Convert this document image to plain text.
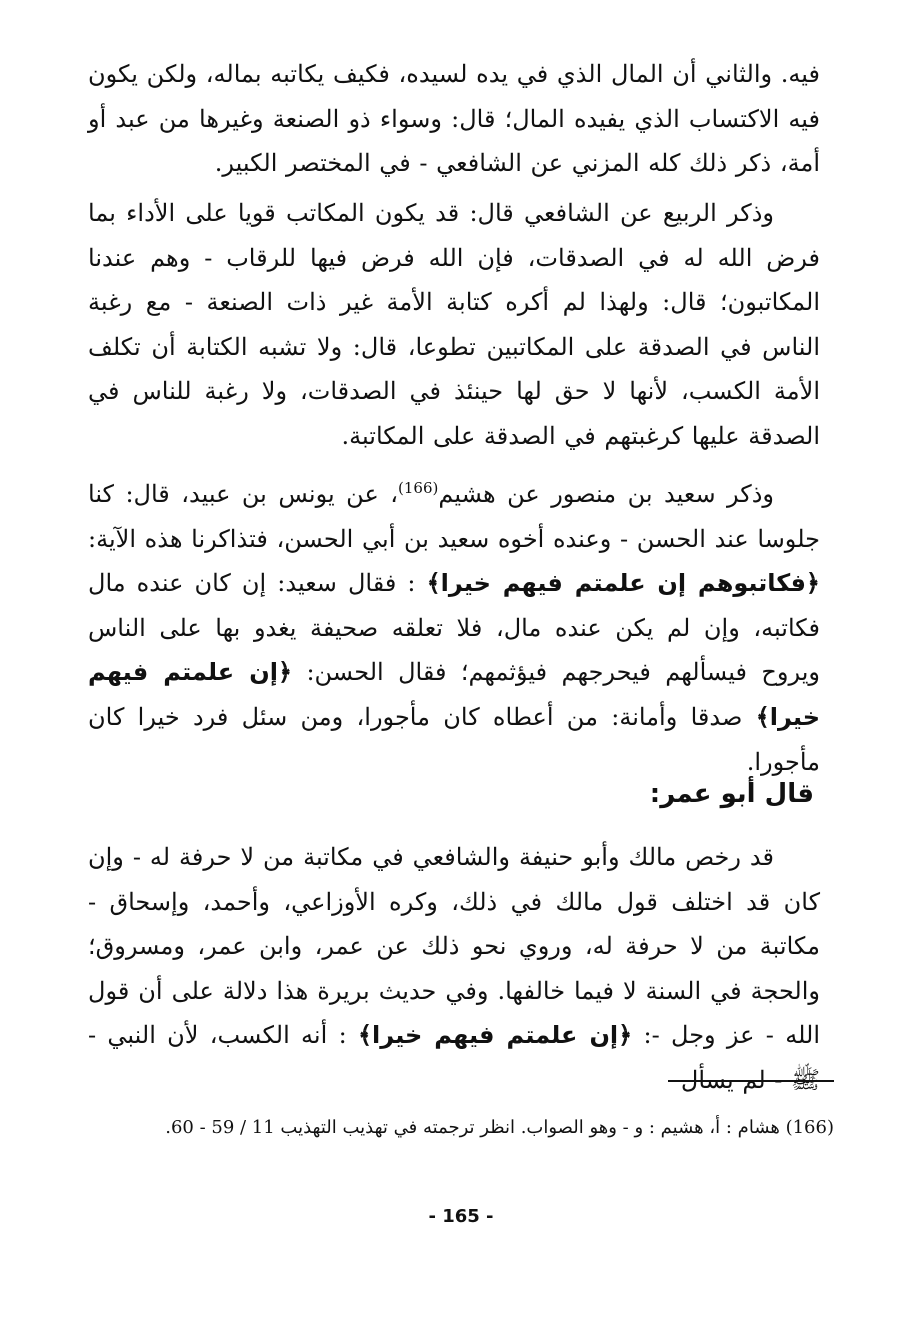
فيه. والثاني أن المال الذي في يده لسيده، فكيف يكاتبه بماله، ولكن يكون فيه الاكتساب الذي يفيده المال؛ قال: وسواء ذو الصنعة وغيرها من عبد أو أمة، ذكر ذلك كله المزني عن الشافعي - في المختصر الكبير.

وذكر الربيع عن الشافعي قال: قد يكون المكاتب قويا على الأداء بما فرض الله له في الصدقات، فإن الله فرض فيها للرقاب - وهم عندنا المكاتبون؛ قال: ولهذا لم أكره كتابة الأمة غير ذات الصنعة - مع رغبة الناس في الصدقة على المكاتبين تطوعا، قال: ولا تشبه الكتابة أن تكلف الأمة الكسب، لأنها لا حق لها حينئذ في الصدقات، ولا رغبة للناس في الصدقة عليها كرغبتهم في الصدقة على المكاتبة.

وذكر سعيد بن منصور عن هشيم$^{(166)}$، عن يونس بن عبيد، قال: كنا جلوسا عند الحسن - وعنده أخوه سعيد بن أبي الحسن، فتذاكرنا هذه الآية: ﴿فكاتبوهم إن علمتم فيهم خيرا﴾ : فقال سعيد: إن كان عنده مال فكاتبه، وإن لم يكن عنده مال، فلا تعلقه صحيفة يغدو بها على الناس ويروح فيسألهم فيحرجهم فيؤثمهم؛ فقال الحسن: ﴿إن علمتم فيهم خيرا﴾ صدقا وأمانة: من أعطاه كان مأجورا، ومن سئل فرد خيرا كان مأجورا.

قال أبو عمر:

قد رخص مالك وأبو حنيفة والشافعي في مكاتبة من لا حرفة له - وإن كان قد اختلف قول مالك في ذلك، وكره الأوزاعي، وأحمد، وإسحاق - مكاتبة من لا حرفة له، وروي نحو ذلك عن عمر، وابن عمر، ومسروق؛ والحجة في السنة لا فيما خالفها. وفي حديث بريرة هذا دلالة على أن قول الله - عز وجل -: ﴿إن علمتم فيهم خيرا﴾ : أنه الكسب، لأن النبي - ﷺ - لم يسأل

(166) هشام : أ، هشيم : و - وهو الصواب. انظر ترجمته في تهذيب التهذيب 11 / 59 - 60.
- 165 -
